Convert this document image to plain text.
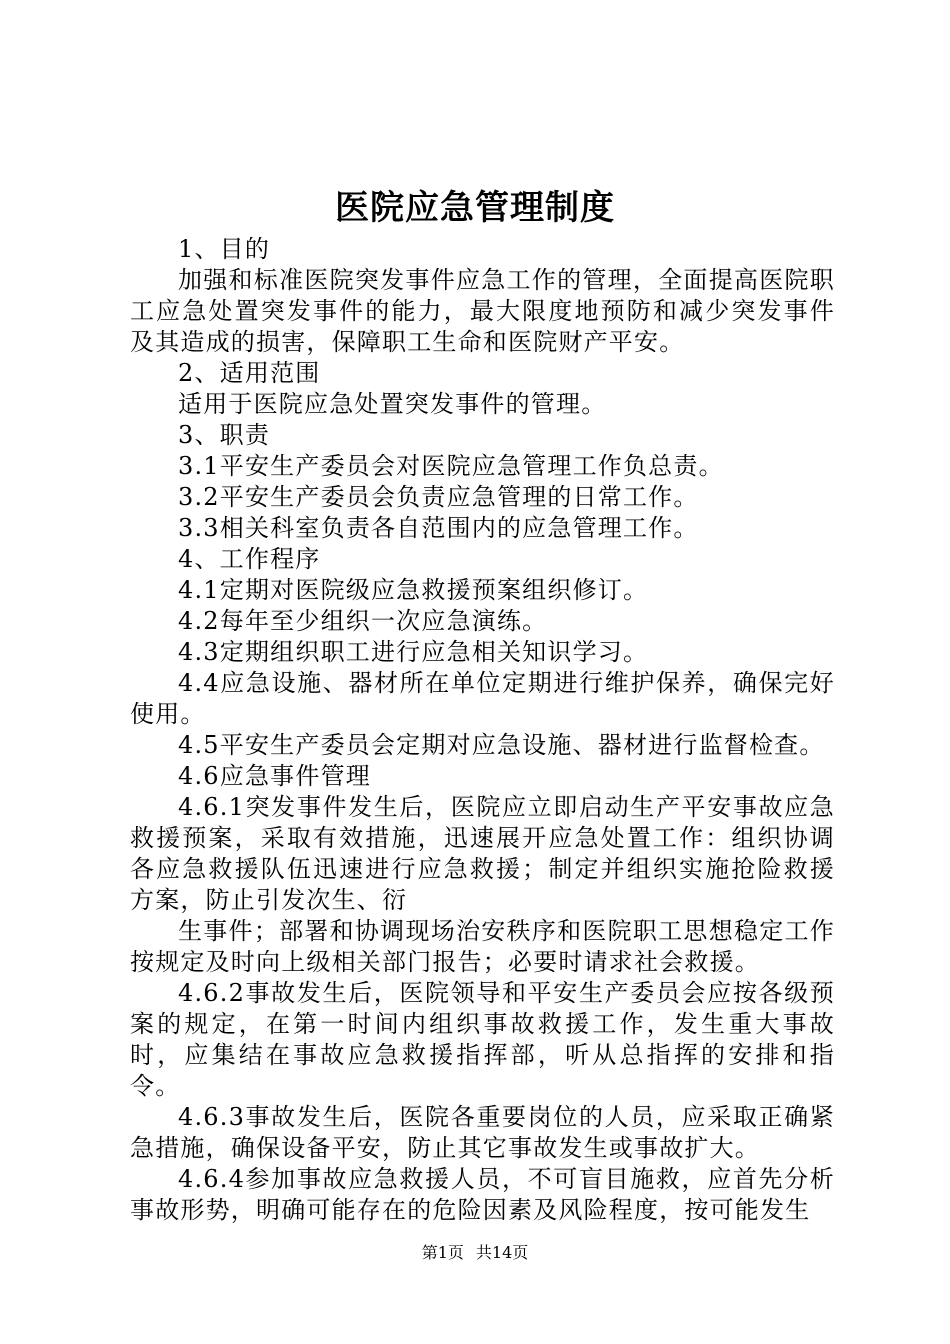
医院应急管理制度

1、目的

加强和标准医院突发事件应急工作的管理，全面提高医院职工应急处置突发事件的能力，最大限度地预防和减少突发事件及其造成的损害，保障职工生命和医院财产平安。

2、适用范围

适用于医院应急处置突发事件的管理。

3、职责

3.1平安生产委员会对医院应急管理工作负总责。

3.2平安生产委员会负责应急管理的日常工作。

3.3相关科室负责各自范围内的应急管理工作。

4、工作程序

4.1定期对医院级应急救援预案组织修订。

4.2每年至少组织一次应急演练。

4.3定期组织职工进行应急相关知识学习。

4.4应急设施、器材所在单位定期进行维护保养，确保完好使用。

4.5平安生产委员会定期对应急设施、器材进行监督检查。

4.6应急事件管理

4.6.1突发事件发生后，医院应立即启动生产平安事故应急救援预案，采取有效措施，迅速展开应急处置工作：组织协调各应急救援队伍迅速进行应急救援；制定并组织实施抢险救援方案，防止引发次生、衍

生事件；部署和协调现场治安秩序和医院职工思想稳定工作按规定及时向上级相关部门报告；必要时请求社会救援。

4.6.2事故发生后，医院领导和平安生产委员会应按各级预案的规定，在第一时间内组织事故救援工作，发生重大事故时，应集结在事故应急救援指挥部，听从总指挥的安排和指令。

4.6.3事故发生后，医院各重要岗位的人员，应采取正确紧急措施，确保设备平安，防止其它事故发生或事故扩大。

4.6.4参加事故应急救援人员，不可盲目施救，应首先分析事故形势，明确可能存在的危险因素及风险程度，按可能发生

第1页 共14页
